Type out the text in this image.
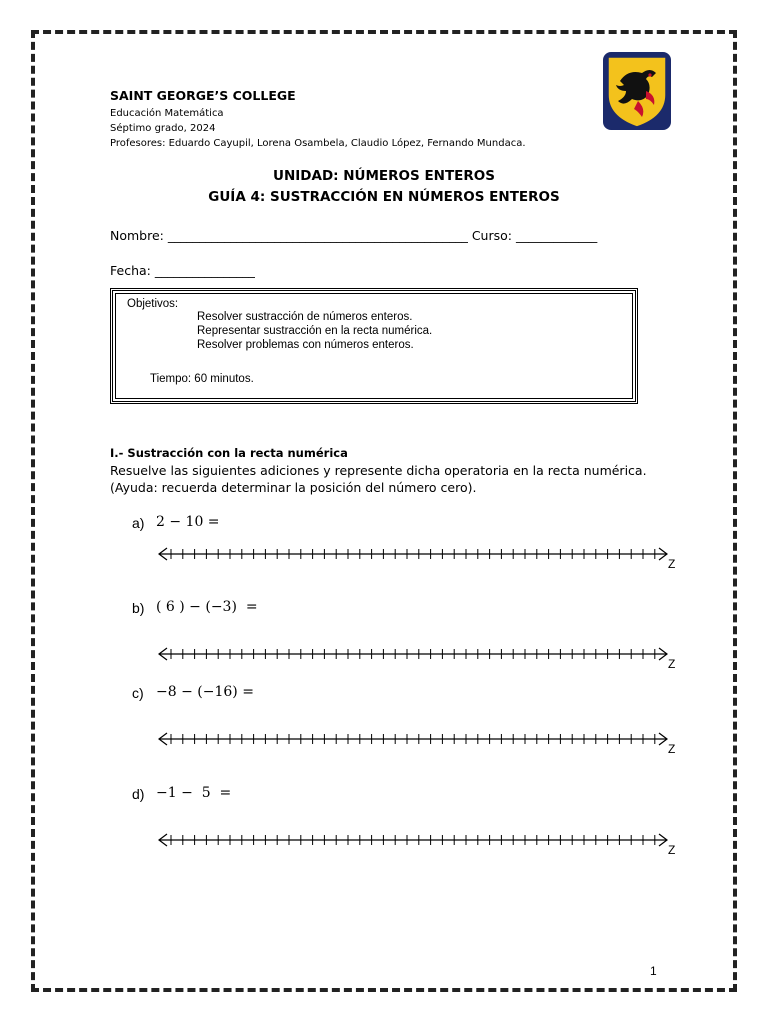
SAINT GEORGE’S COLLEGE
Educación Matemática
Séptimo grado, 2024
Profesores: Eduardo Cayupil, Lorena Osambela, Claudio López, Fernando Mundaca.
UNIDAD: NÚMEROS ENTEROS
GUÍA 4: SUSTRACCIÓN EN NÚMEROS ENTEROS
Nombre: ________________________________________________ Curso: _____________
Fecha: ________________
Objetivos:
Resolver sustracción de números enteros.
Representar sustracción en la recta numérica.
Resolver problemas con números enteros.
Tiempo: 60 minutos.
I.- Sustracción con la recta numérica
Resuelve las siguientes adiciones y represente dicha operatoria en la recta numérica.
(Ayuda: recuerda determinar la posición del número cero).
a) 2 − 10 =
Z
b) ( 6 ) − (−3)  =
Z
c) −8 − (−16) =
Z
d) −1 −  5  =
Z
1
